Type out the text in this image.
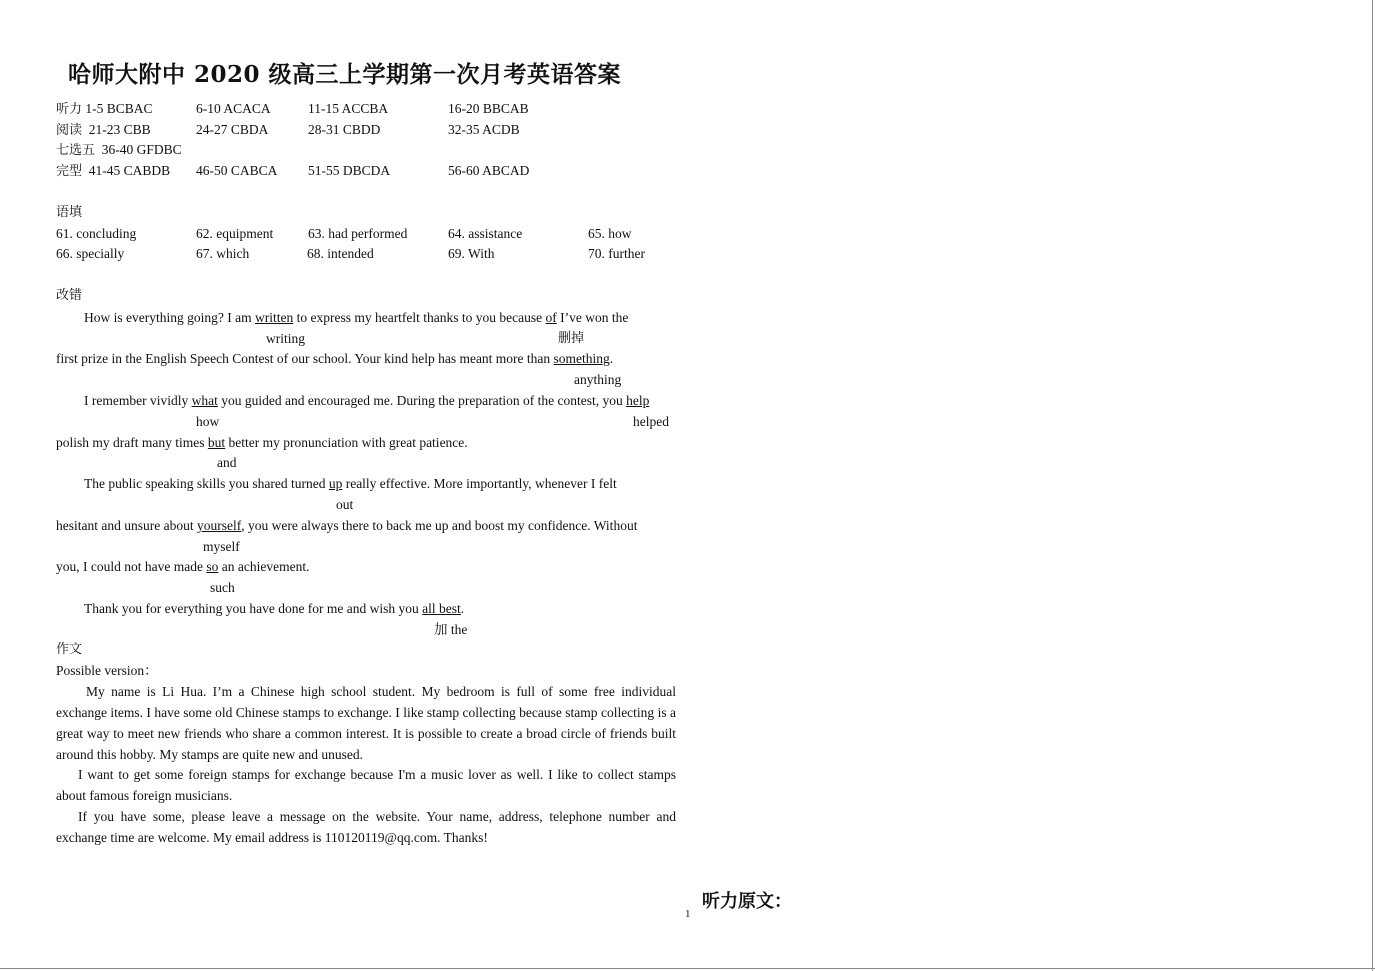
哈师大附中 2020 级高三上学期第一次月考英语答案
听力 1-5 BCBAC	6-10 ACACA	11-15 ACCBA	16-20 BBCAB
阅读 21-23 CBB	24-27 CBDA	28-31 CBDD	32-35 ACDB
七选五 36-40 GFDBC
完型 41-45 CABDB 46-50 CABCA 51-55 DBCDA	56-60 ABCAD
语填
61. concluding	62. equipment	63. had performed	64. assistance	65. how
66. specially	67. which	68. intended	69. With	70. further
改错
How is everything going? I am written to express my heartfelt thanks to you because of I’ve won the
writing	删掉
first prize in the English Speech Contest of our school. Your kind help has meant more than something.
anything
I remember vividly what you guided and encouraged me. During the preparation of the contest, you help
how	helped
polish my draft many times but better my pronunciation with great patience.
and
The public speaking skills you shared turned up really effective. More importantly, whenever I felt
out
hesitant and unsure about yourself, you were always there to back me up and boost my confidence. Without
myself
you, I could not have made so an achievement.
such
Thank you for everything you have done for me and wish you all best.
加 the
作文
Possible version：
My name is Li Hua. I’m a Chinese high school student. My bedroom is full of some free individual exchange items. I have some old Chinese stamps to exchange. I like stamp collecting because stamp collecting is a great way to meet new friends who share a common interest. It is possible to create a broad circle of friends built around this hobby. My stamps are quite new and unused.
I want to get some foreign stamps for exchange because I'm a music lover as well. I like to collect stamps about famous foreign musicians.
If you have some, please leave a message on the website. Your name, address, telephone number and exchange time are welcome. My email address is 110120119@qq.com. Thanks!
听力原文：
1
